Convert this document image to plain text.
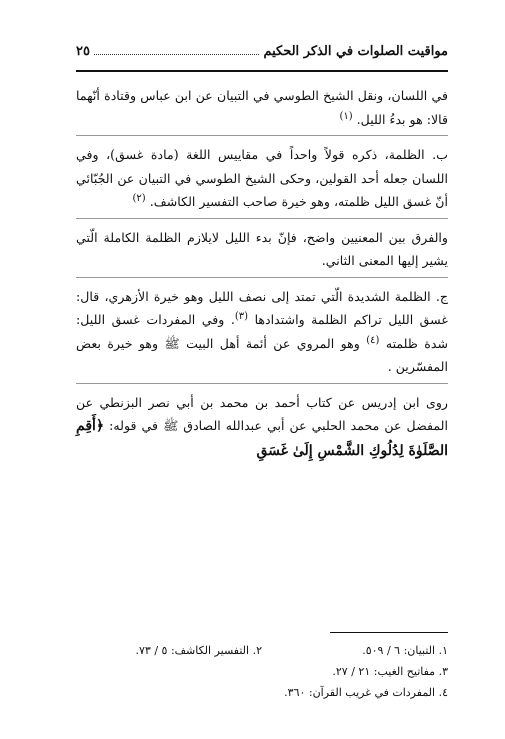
مواقيت الصلوات في الذكر الحكيم
٢٥

في اللسان، ونقل الشيخ الطوسي في التبيان عن ابن عباس وقتادة أنّهما قالا: هو بدءُ الليل. $^{(١)}$

ب. الظلمة، ذكره قولاً واحداً في مقاييس اللغة (مادة غسق)، وفي اللسان جعله أحد القولين، وحكى الشيخ الطوسي في التبيان عن الجُبّائي أنّ غسق الليل ظلمته، وهو خيرة صاحب التفسير الكاشف. $^{(٢)}$

والفرق بين المعنيين واضح، فإنّ بدء الليل لايلازم الظلمة الكاملة الّتي يشير إليها المعنى الثاني.

ج. الظلمة الشديدة الّتي تمتد إلى نصف الليل وهو خيرة الأزهري، قال: غسق الليل تراكم الظلمة واشتدادها $^{(٣)}$. وفي المفردات غسق الليل: شدة ظلمته $^{(٤)}$ وهو المروي عن أئمة أهل البيت ﷺ وهو خيرة بعض المفسّرين .

روى ابن إدريس عن كتاب أحمد بن محمد بن أبي نصر البزنطي عن المفضل عن محمد الحلبي عن أبي عبدالله الصادق ﷺ في قوله: ﴿أَقِمِ الصَّلَوٰةَ لِدُلُوكِ الشَّمْسِ إِلَىٰ غَسَقِ

١. التبيان: ٦ / ٥٠٩.
٢. التفسير الكاشف: ٥ / ٧٣.
٣. مفاتيح الغيب: ٢١ / ٢٧.
٤. المفردات في غريب القرآن: ٣٦٠.
